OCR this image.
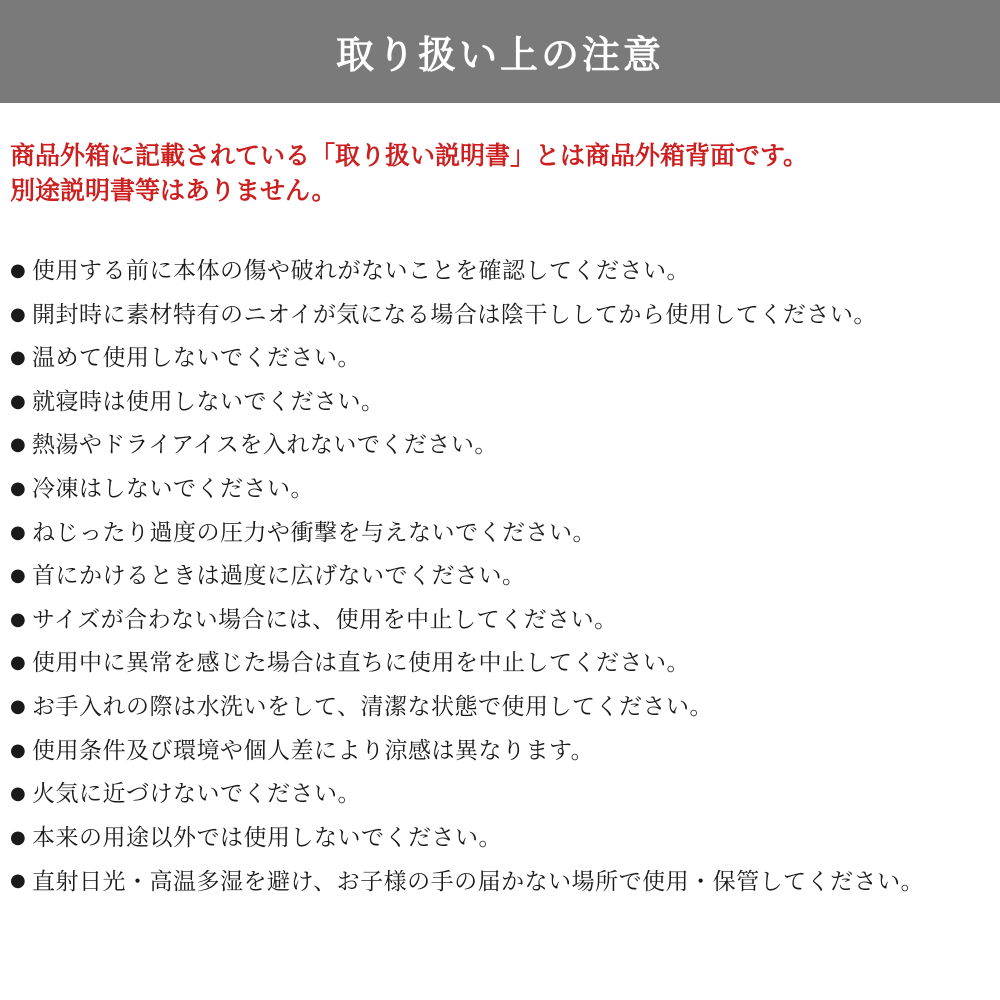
取り扱い上の注意
商品外箱に記載されている「取り扱い説明書」とは商品外箱背面です。
別途説明書等はありません。
● 使用する前に本体の傷や破れがないことを確認してください。
● 開封時に素材特有のニオイが気になる場合は陰干ししてから使用してください。
● 温めて使用しないでください。
● 就寝時は使用しないでください。
● 熱湯やドライアイスを入れないでください。
● 冷凍はしないでください。
● ねじったり過度の圧力や衝撃を与えないでください。
● 首にかけるときは過度に広げないでください。
● サイズが合わない場合には、使用を中止してください。
● 使用中に異常を感じた場合は直ちに使用を中止してください。
● お手入れの際は水洗いをして、清潔な状態で使用してください。
● 使用条件及び環境や個人差により涼感は異なります。
● 火気に近づけないでください。
● 本来の用途以外では使用しないでください。
● 直射日光・高温多湿を避け、お子様の手の届かない場所で使用・保管してください。
